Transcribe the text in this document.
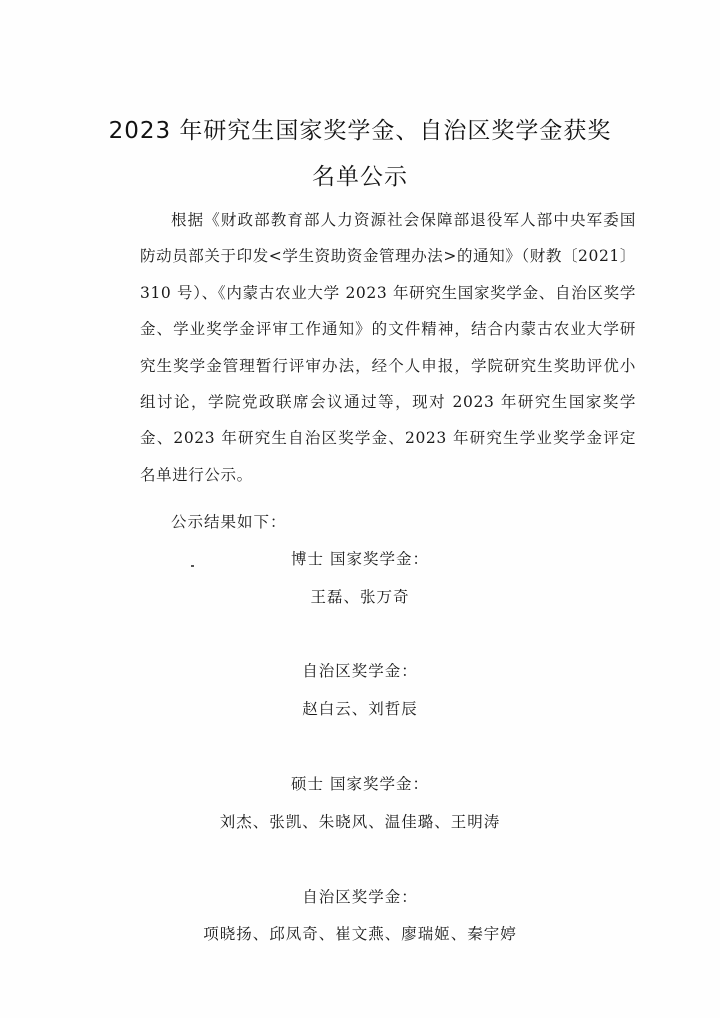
2023 年研究生国家奖学金、自治区奖学金获奖
名单公示

根据《财政部教育部人力资源社会保障部退役军人部中央军委国防动员部关于印发<学生资助资金管理办法>的通知》（财教〔2021〕310 号）、《内蒙古农业大学 2023 年研究生国家奖学金、自治区奖学金、学业奖学金评审工作通知》的文件精神，结合内蒙古农业大学研究生奖学金管理暂行评审办法，经个人申报，学院研究生奖助评优小组讨论，学院党政联席会议通过等，现对 2023 年研究生国家奖学金、2023 年研究生自治区奖学金、2023 年研究生学业奖学金评定名单进行公示。

公示结果如下：

博士 国家奖学金：

王磊、张万奇

自治区奖学金：

赵白云、刘哲辰

硕士 国家奖学金：

刘杰、张凯、朱晓风、温佳璐、王明涛

自治区奖学金：

项晓扬、邱凤奇、崔文燕、廖瑞姬、秦宇婷
